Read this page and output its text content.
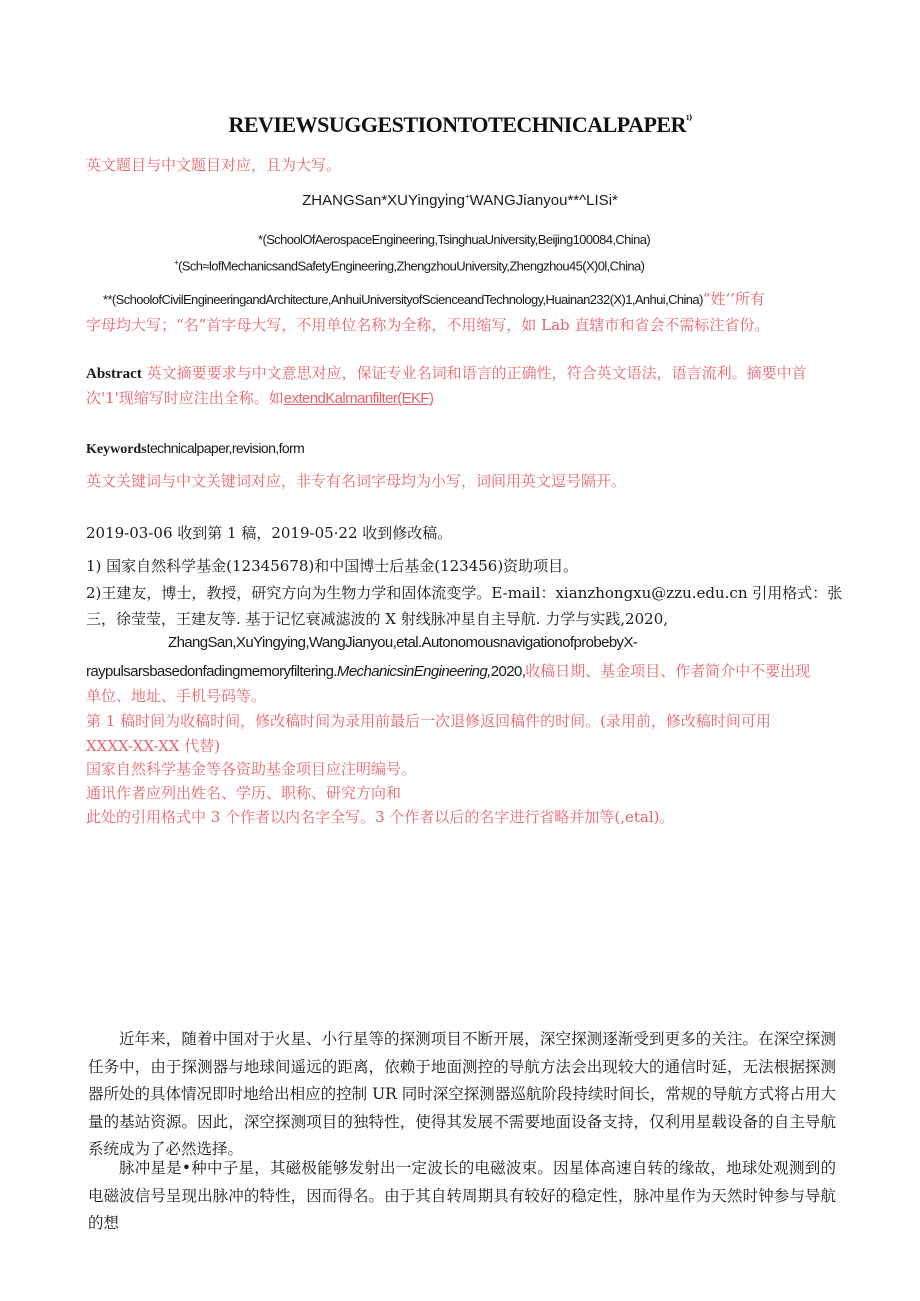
$REVIEWSUGGESTIONTOTECHNICALPAPER^{^{1)}}$
英文题目与中文题目对应，且为大写。
ZHANGSan*XUYingying+WANGJianyou**^LISi*
*(SchoolOfAerospaceEngineering,TsinghuaUniversity,Beijing100084,China)
+(Sch≈lofMechanicsandSafetyEngineering,ZhengzhouUniversity,Zhengzhou45(X)0l,China)
**(SchoolofCivilEngineeringandArchitecture,AnhuiUniversityofScienceandTechnology,Huainan232(X)1,Anhui,China)“姓‘’所有
字母均大写；“名”首字母大写，不用单位名称为全称，不用缩写，如 Lab 直辖市和省会不需标注省份。
Abstract 英文摘要要求与中文意思对应，保证专业名词和语言的正确性，符合英文语法，语言流利。摘要中首
次'1'现缩写时应注出全称。如extendKalmanfilter(EKF)
Keywordstechnicalpaper,revision,form
英文关键词与中文关键词对应，非专有名词字母均为小写，词间用英文逗号隔开。
2019-03-06 收到第 1 稿，2019-05·22 收到修改稿。
1) 国家自然科学基金(12345678)和中国博士后基金(123456)资助项目。
2)王建友，博士，教授，研究方向为生物力学和固体流变学。E-mail：xianzhongxu@zzu.edu.cn 引用格式：张
三，徐莹莹，王建友等. 基于记忆衰减滤波的 X 射线脉冲星自主导航. 力学与实践,2020,
ZhangSan,XuYingying,WangJianyou,etal.AutonomousnavigationofprobebyX-
raypulsarsbasedonfadingmemoryfiltering.MechanicsinEngineering,2020,收稿日期、基金项目、作者简介中不要出现
单位、地址、手机号码等。
第 1 稿时间为收稿时间，修改稿时间为录用前最后一次退修返回稿件的时间。(录用前，修改稿时间可用
XXXX-XX-XX 代替)
国家自然科学基金等各资助基金项目应注明编号。
通讯作者应列出姓名、学历、职称、研究方向和
此处的引用格式中 3 个作者以内名字全写。3 个作者以后的名字进行省略并加等(,etal)。
近年来，随着中国对于火星、小行星等的探测项目不断开展，深空探测逐渐受到更多的关注。在深空探测任务中，由于探测器与地球间遥远的距离，依赖于地面测控的导航方法会出现较大的通信时延，无法根据探测器所处的具体情况即时地给出相应的控制 UR 同时深空探测器巡航阶段持续时间长，常规的导航方式将占用大量的基站资源。因此，深空探测项目的独特性，使得其发展不需要地面设备支持，仅利用星载设备的自主导航系统成为了必然选择。
脉冲星是•种中子星，其磁极能够发射出一定波长的电磁波束。因星体高速自转的缘故，地球处观测到的电磁波信号呈现出脉冲的特性，因而得名。由于其自转周期具有较好的稳定性，脉冲星作为天然时钟参与导航的想
